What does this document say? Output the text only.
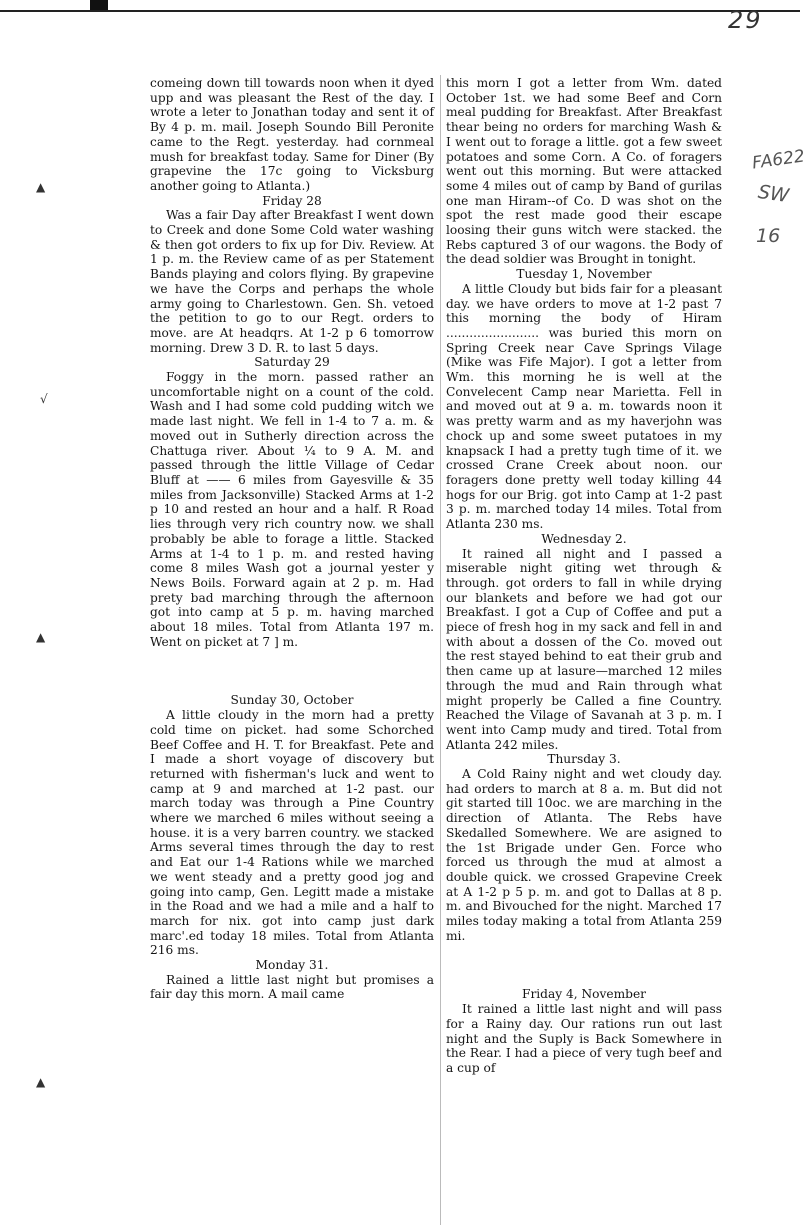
29
FA622
SW
16
▲
√
▲
▲

comeing down till towards noon when it dyed upp and was pleasant the Rest of the day. I wrote a leter to Jonathan today and sent it of By 4 p. m. mail. Joseph Soundo Bill Peronite came to the Regt. yesterday. had cornmeal mush for breakfast today. Same for Diner (By grapevine the 17c going to Vicksburg another going to Atlanta.)

Friday 28

Was a fair Day after Breakfast I went down to Creek and done Some Cold water washing & then got orders to fix up for Div. Review. At 1 p. m. the Review came of as per Statement Bands playing and colors flying. By grapevine we have the Corps and perhaps the whole army going to Charlestown. Gen. Sh. vetoed the petition to go to our Regt. orders to move. are At headqrs. At 1-2 p 6 tomorrow morning. Drew 3 D. R. to last 5 days.

Saturday 29

Foggy in the morn. passed rather an uncomfortable night on a count of the cold. Wash and I had some cold pudding witch we made last night. We fell in 1-4 to 7 a. m. & moved out in Sutherly direction across the Chattuga river. About ¼ to 9 A. M. and passed through the little Village of Cedar Bluff at —— 6 miles from Gayesville & 35 miles from Jacksonville) Stacked Arms at 1-2 p 10 and rested an hour and a half. R Road lies through very rich country now. we shall probably be able to forage a little. Stacked Arms at 1-4 to 1 p. m. and rested having come 8 miles Wash got a journal yester y News Boils. Forward again at 2 p. m. Had prety bad marching through the afternoon got into camp at 5 p. m. having marched about 18 miles. Total from Atlanta 197 m. Went on picket at 7 ] m.

Sunday 30, October

A little cloudy in the morn had a pretty cold time on picket. had some Schorched Beef Coffee and H. T. for Breakfast. Pete and I made a short voyage of discovery but returned with fisherman's luck and went to camp at 9 and marched at 1-2 past. our march today was through a Pine Country where we marched 6 miles without seeing a house. it is a very barren country. we stacked Arms several times through the day to rest and Eat our 1-4 Rations while we marched we went steady and a pretty good jog and going into camp, Gen. Legitt made a mistake in the Road and we had a mile and a half to march for nix. got into camp just dark marc'.ed today 18 miles. Total from Atlanta 216 ms.

Monday 31.

Rained a little last night but promises a fair day this morn. A mail came

this morn I got a letter from Wm. dated October 1st. we had some Beef and Corn meal pudding for Breakfast. After Breakfast thear being no orders for marching Wash & I went out to forage a little. got a few sweet potatoes and some Corn. A Co. of foragers went out this morning. But were attacked some 4 miles out of camp by Band of gurilas one man Hiram--of Co. D was shot on the spot the rest made good their escape loosing their guns witch were stacked. the Rebs captured 3 of our wagons. the Body of the dead soldier was Brought in tonight.

Tuesday 1, November

A little Cloudy but bids fair for a pleasant day. we have orders to move at 1-2 past 7 this morning the body of Hiram ........................ was buried this morn on Spring Creek near Cave Springs Vilage (Mike was Fife Major). I got a letter from Wm. this morning he is well at the Convelecent Camp near Marietta. Fell in and moved out at 9 a. m. towards noon it was pretty warm and as my haverjohn was chock up and some sweet putatoes in my knapsack I had a pretty tugh time of it. we crossed Crane Creek about noon. our foragers done pretty well today killing 44 hogs for our Brig. got into Camp at 1-2 past 3 p. m. marched today 14 miles. Total from Atlanta 230 ms.

Wednesday 2.

It rained all night and I passed a miserable night giting wet through & through. got orders to fall in while drying our blankets and before we had got our Breakfast. I got a Cup of Coffee and put a piece of fresh hog in my sack and fell in and with about a dossen of the Co. moved out the rest stayed behind to eat their grub and then came up at lasure—marched 12 miles through the mud and Rain through what might properly be Called a fine Country. Reached the Vilage of Savanah at 3 p. m. I went into Camp mudy and tired. Total from Atlanta 242 miles.

Thursday 3.

A Cold Rainy night and wet cloudy day. had orders to march at 8 a. m. But did not git started till 10oc. we are marching in the direction of Atlanta. The Rebs have Skedalled Somewhere. We are asigned to the 1st Brigade under Gen. Force who forced us through the mud at almost a double quick. we crossed Grapevine Creek at A 1-2 p 5 p. m. and got to Dallas at 8 p. m. and Bivouched for the night. Marched 17 miles today making a total from Atlanta 259 mi.

Friday 4, November

It rained a little last night and will pass for a Rainy day. Our rations run out last night and the Suply is Back Somewhere in the Rear. I had a piece of very tugh beef and a cup of
